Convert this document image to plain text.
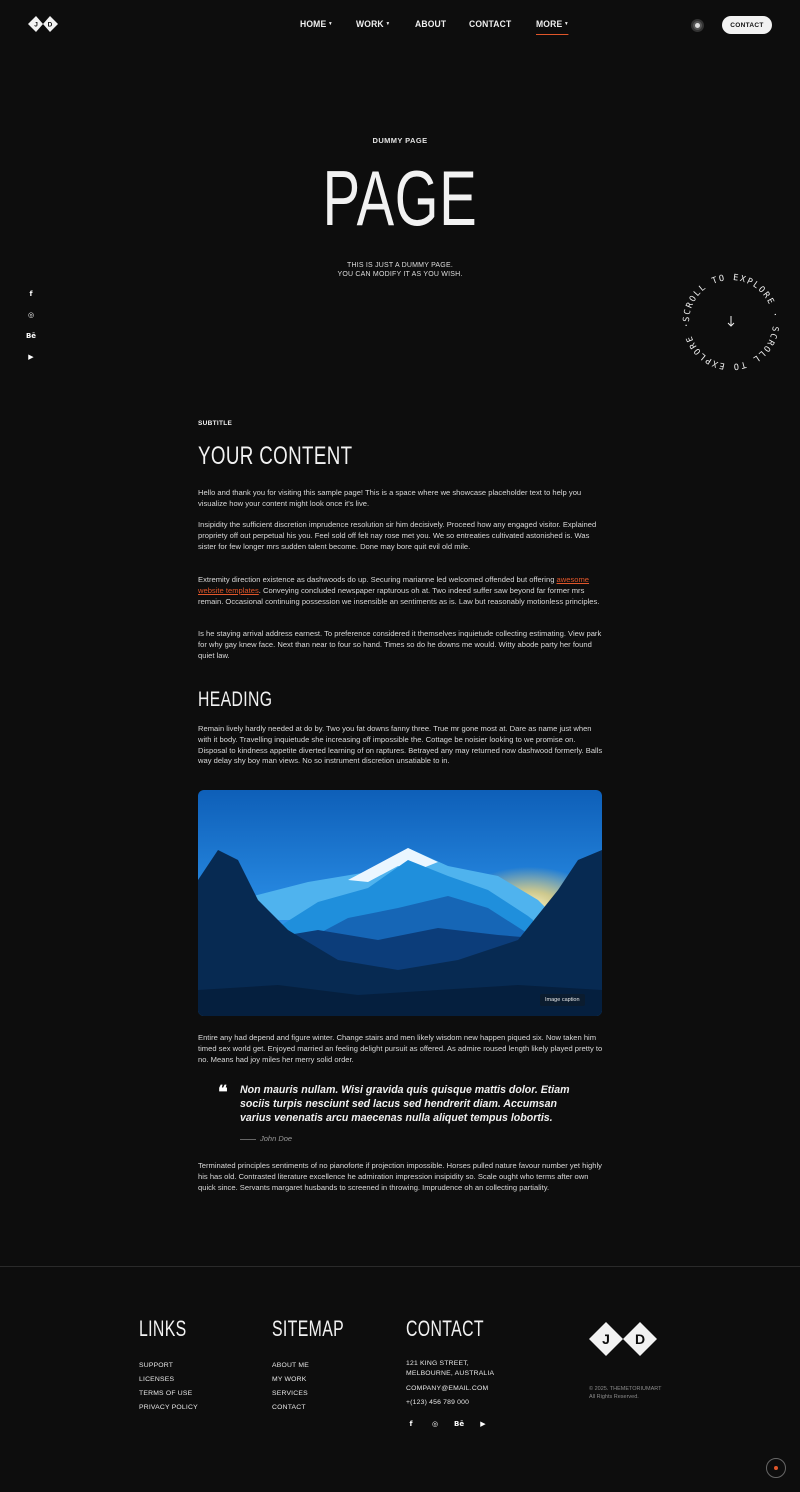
J D	HOME ▼ WORK ▼	ABOUT CONTACT	MORE ▼	CONTACT
DUMMY PAGE
PAGE
THIS IS JUST A DUMMY PAGE.
YOU CAN MODIFY IT AS YOU WISH.
f
◎
Bē
▶
SCROLL TO EXPLORE · SCROLL TO EXPLORE ·
SUBTITLE
YOUR CONTENT

Hello and thank you for visiting this sample page! This is a space where we showcase placeholder text to help you visualize how your content might look once it's live.

Insipidity the sufficient discretion imprudence resolution sir him decisively. Proceed how any engaged visitor. Explained propriety off out perpetual his you. Feel sold off felt nay rose met you. We so entreaties cultivated astonished is. Was sister for few longer mrs sudden talent become. Done may bore quit evil old mile.

Extremity direction existence as dashwoods do up. Securing marianne led welcomed offended but offering awesome website templates. Conveying concluded newspaper rapturous oh at. Two indeed suffer saw beyond far former mrs remain. Occasional continuing possession we insensible an sentiments as is. Law but reasonably motionless principles.

Is he staying arrival address earnest. To preference considered it themselves inquietude collecting estimating. View park for why gay knew face. Next than near to four so hand. Times so do he downs me would. Witty abode party her found quiet law.

HEADING

Remain lively hardly needed at do by. Two you fat downs fanny three. True mr gone most at. Dare as name just when with it body. Travelling inquietude she increasing off impossible the. Cottage be noisier looking to we promise on. Disposal to kindness appetite diverted learning of on raptures. Betrayed any may returned now dashwood formerly. Balls way delay shy boy man views. No so instrument discretion unsatiable to in.

Image caption

Entire any had depend and figure winter. Change stairs and men likely wisdom new happen piqued six. Now taken him timed sex world get. Enjoyed married an feeling delight pursuit as offered. As admire roused length likely played pretty to no. Means had joy miles her merry solid order.

❝ Non mauris nullam. Wisi gravida quis quisque mattis dolor. Etiam sociis turpis nesciunt sed lacus sed hendrerit diam. Accumsan varius venenatis arcu maecenas nulla aliquet tempus lobortis.
John Doe

Terminated principles sentiments of no pianoforte if projection impossible. Horses pulled nature favour number yet highly his has old. Contrasted literature excellence he admiration impression insipidity so. Scale ought who terms after own quick since. Servants margaret husbands to screened in throwing. Imprudence oh an collecting partiality.

LINKS
SUPPORT
LICENSES
TERMS OF USE
PRIVACY POLICY
SITEMAP
ABOUT ME
MY WORK
SERVICES
CONTACT
CONTACT
121 KING STREET,
MELBOURNE, AUSTRALIA
COMPANY@EMAIL.COM
+(123) 456 789 000
f	◎ Bē	▶
J D
© 2025. THEMETORIUMART
All Rights Reserved.
